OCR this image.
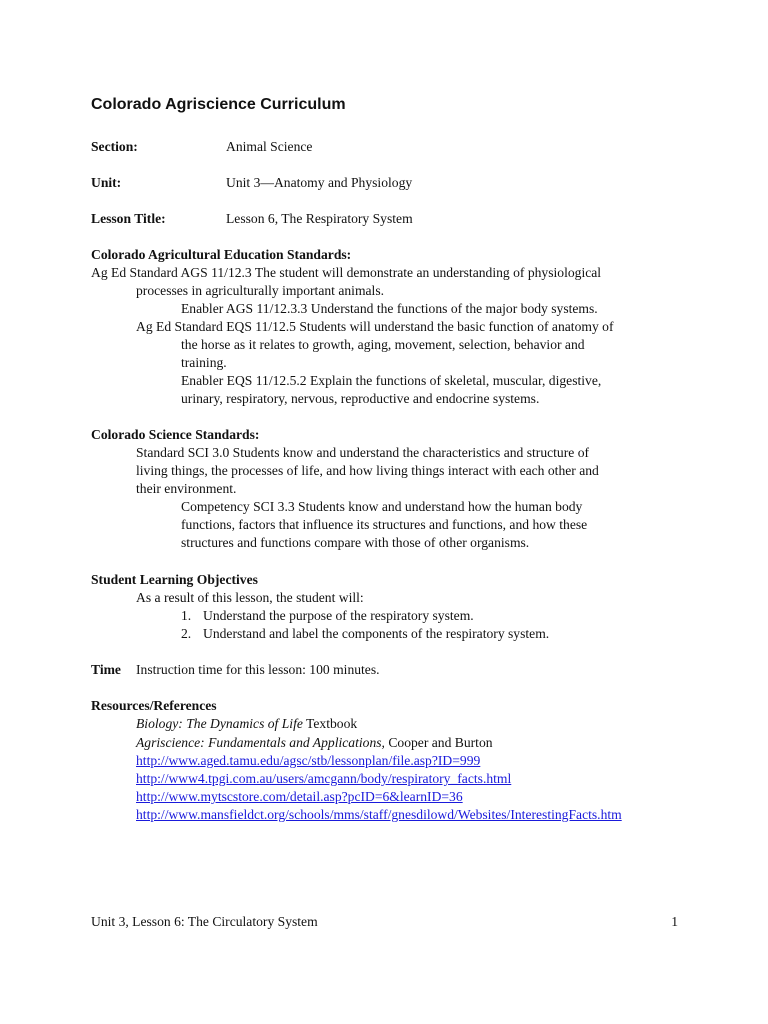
Colorado Agriscience Curriculum
Section:	Animal Science
Unit:	Unit 3—Anatomy and Physiology
Lesson Title:	Lesson 6, The Respiratory System
Colorado Agricultural Education Standards:
Ag Ed Standard AGS 11/12.3 The student will demonstrate an understanding of physiological
processes in agriculturally important animals.
Enabler AGS 11/12.3.3 Understand the functions of the major body systems.
Ag Ed Standard EQS 11/12.5 Students will understand the basic function of anatomy of
the horse as it relates to growth, aging, movement, selection, behavior and
training.
Enabler EQS 11/12.5.2 Explain the functions of skeletal, muscular, digestive,
urinary, respiratory, nervous, reproductive and endocrine systems.
Colorado Science Standards:
Standard SCI 3.0 Students know and understand the characteristics and structure of
living things, the processes of life, and how living things interact with each other and
their environment.
Competency SCI 3.3 Students know and understand how the human body
functions, factors that influence its structures and functions, and how these
structures and functions compare with those of other organisms.
Student Learning Objectives
As a result of this lesson, the student will:
1. Understand the purpose of the respiratory system.
2. Understand and label the components of the respiratory system.
Time Instruction time for this lesson: 100 minutes.
Resources/References
Biology: The Dynamics of Life Textbook
Agriscience: Fundamentals and Applications, Cooper and Burton
http://www.aged.tamu.edu/agsc/stb/lessonplan/file.asp?ID=999
http://www4.tpgi.com.au/users/amcgann/body/respiratory_facts.html
http://www.mytscstore.com/detail.asp?pcID=6&learnID=36
http://www.mansfieldct.org/schools/mms/staff/gnesdilowd/Websites/InterestingFacts.htm
Unit 3, Lesson 6: The Circulatory System	1
